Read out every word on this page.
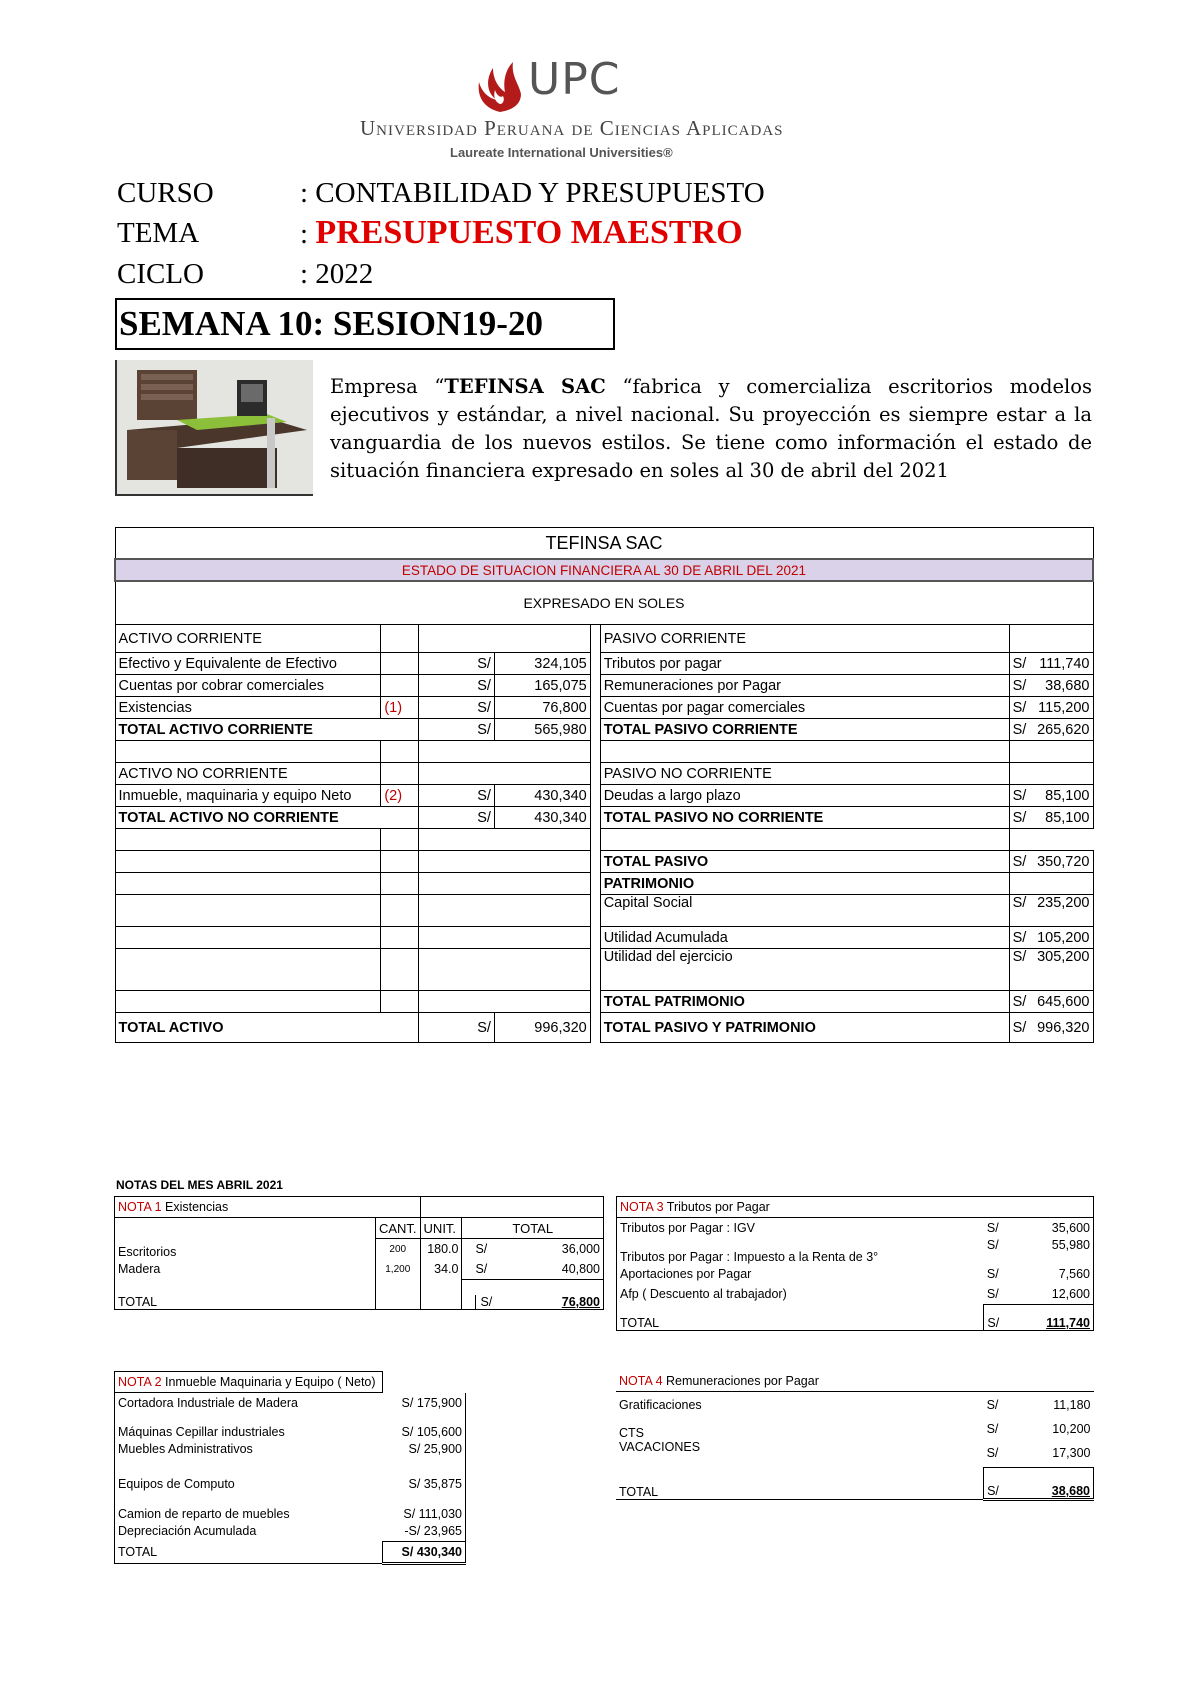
UPC
Universidad Peruana de Ciencias Aplicadas
Laureate International Universities®
CURSO	: CONTABILIDAD Y PRESUPUESTO
TEMA	: PRESUPUESTO MAESTRO
CICLO	: 2022
SEMANA 10: SESION19-20
Empresa “TEFINSA SAC “fabrica y comercializa escritorios modelos ejecutivos y estándar, a nivel nacional. Su proyección es siempre estar a la vanguardia de los nuevos estilos. Se tiene como información el estado de situación financiera expresado en soles al 30 de abril del 2021
TEFINSA SAC						
ESTADO DE SITUACION FINANCIERA AL 30 DE ABRIL DEL 2021						
EXPRESADO EN SOLES						
ACTIVO CORRIENTE					PASIVO CORRIENTE	
Efectivo y Equivalente de Efectivo		S/	324,105		Tributos por pagar	S/ 111,740

Cuentas por cobrar comerciales		S/	165,075		Remuneraciones por Pagar	S/ 38,680

Existencias	(1)	S/	76,800		Cuentas por pagar comerciales	S/ 115,200

TOTAL ACTIVO CORRIENTE		S/	565,980		TOTAL PASIVO CORRIENTE	S/ 265,620

ACTIVO NO CORRIENTE					PASIVO NO CORRIENTE	
Inmueble, maquinaria y equipo Neto	(2)	S/	430,340		Deudas a largo plazo	S/ 85,100

TOTAL ACTIVO NO CORRIENTE		S/	430,340		TOTAL PASIVO NO CORRIENTE	S/ 85,100

					TOTAL PASIVO	S/ 350,720

					PATRIMONIO	
					Capital Social	S/ 235,200

					Utilidad Acumulada	S/ 105,200

					Utilidad del ejercicio	S/ 305,200

					TOTAL PATRIMONIO	S/ 645,600

TOTAL ACTIVO		S/	996,320		TOTAL PASIVO Y PATRIMONIO	S/ 996,320
NOTAS DEL MES ABRIL 2021
NOTA 1 Existencias			
	CANT.	UNIT.	TOTAL
Escritorios	200	180.0	S/ 36,000

Madera	1,200	34.0	S/ 40,800

TOTAL			S/ 76,800
NOTA 3 Tributos por Pagar	
Tributos por Pagar : IGV	S/ 35,600

Tributos por Pagar : Impuesto a la Renta de 3°	S/ 55,980

Aportaciones por Pagar	S/ 7,560

Afp ( Descuento al trabajador)	S/ 12,600

TOTAL	S/ 111,740
NOTA 2 Inmueble Maquinaria y Equipo ( Neto)	
Cortadora Industriale de Madera	S/ 175,900
Máquinas Cepillar industriales	S/ 105,600
Muebles Administrativos	S/ 25,900
Equipos de Computo	S/ 35,875
Camion de reparto de muebles	S/ 111,030
Depreciación Acumulada	-S/ 23,965
TOTAL	S/ 430,340
NOTA 4 Remuneraciones por Pagar	
Gratificaciones	S/ 11,180

CTS	S/ 10,200

VACACIONES	S/ 17,300

TOTAL	S/ 38,680
